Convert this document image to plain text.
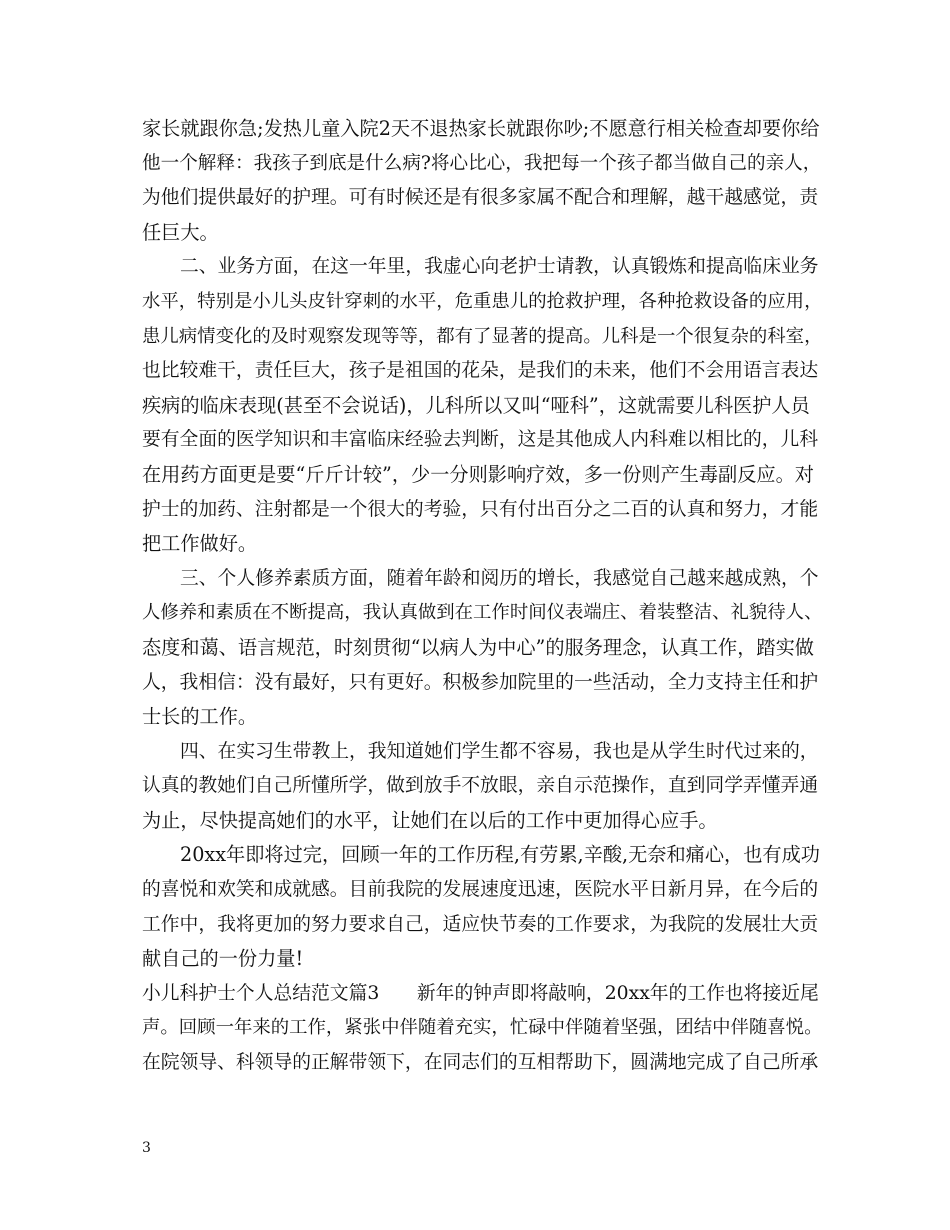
家长就跟你急;发热儿童入院2天不退热家长就跟你吵;不愿意行相关检查却要你给
他一个解释：我孩子到底是什么病?将心比心，我把每一个孩子都当做自己的亲人，
为他们提供最好的护理。可有时候还是有很多家属不配合和理解，越干越感觉，责
任巨大。
二、业务方面，在这一年里，我虚心向老护士请教，认真锻炼和提高临床业务
水平，特别是小儿头皮针穿刺的水平，危重患儿的抢救护理，各种抢救设备的应用，
患儿病情变化的及时观察发现等等，都有了显著的提高。儿科是一个很复杂的科室，
也比较难干，责任巨大，孩子是祖国的花朵，是我们的未来，他们不会用语言表达
疾病的临床表现(甚至不会说话)，儿科所以又叫“哑科”，这就需要儿科医护人员
要有全面的医学知识和丰富临床经验去判断，这是其他成人内科难以相比的，儿科
在用药方面更是要“斤斤计较”，少一分则影响疗效，多一份则产生毒副反应。对
护士的加药、注射都是一个很大的考验，只有付出百分之二百的认真和努力，才能
把工作做好。
三、个人修养素质方面，随着年龄和阅历的增长，我感觉自己越来越成熟，个
人修养和素质在不断提高，我认真做到在工作时间仪表端庄、着装整洁、礼貌待人、
态度和蔼、语言规范，时刻贯彻“以病人为中心”的服务理念，认真工作，踏实做
人，我相信：没有最好，只有更好。积极参加院里的一些活动，全力支持主任和护
士长的工作。
四、在实习生带教上，我知道她们学生都不容易，我也是从学生时代过来的，
认真的教她们自己所懂所学，做到放手不放眼，亲自示范操作，直到同学弄懂弄通
为止，尽快提高她们的水平，让她们在以后的工作中更加得心应手。
20xx年即将过完，回顾一年的工作历程,有劳累,辛酸,无奈和痛心，也有成功
的喜悦和欢笑和成就感。目前我院的发展速度迅速，医院水平日新月异，在今后的
工作中，我将更加的努力要求自己，适应快节奏的工作要求，为我院的发展壮大贡
献自己的一份力量!
小儿科护士个人总结范文篇3　　新年的钟声即将敲响，20xx年的工作也将接近尾
声。回顾一年来的工作，紧张中伴随着充实，忙碌中伴随着坚强，团结中伴随喜悦。
在院领导、科领导的正解带领下，在同志们的互相帮助下，圆满地完成了自己所承
3
